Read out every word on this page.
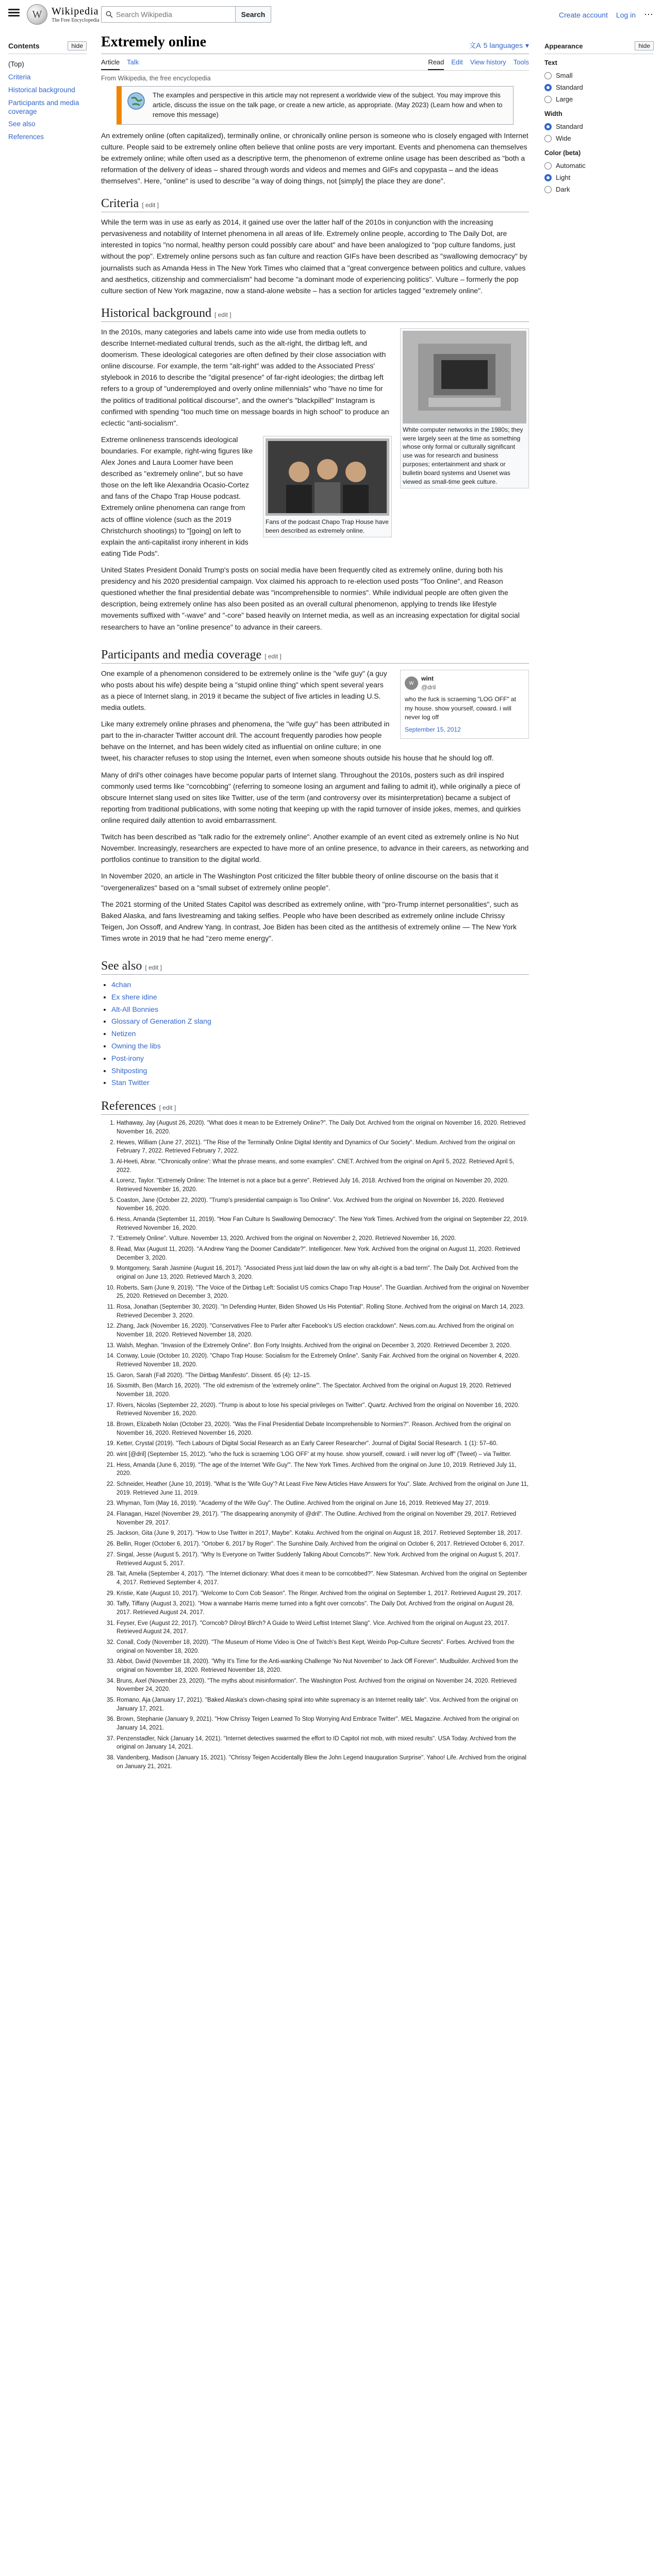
W Wikipedia
The Free Encyclopedia
Search Wikipedia
Search	Create account Log in ⋯
Contents	hide
(Top)
Criteria
Historical background
Participants and media coverage
See also
References
Extremely online	文A 5 languages ▾
Article Talk	Read Edit View history Tools
From Wikipedia, the free encyclopedia
The examples and perspective in this article may not represent a worldwide view of the subject. You may improve this article, discuss the issue on the talk page, or create a new article, as appropriate. (May 2023) (Learn how and when to remove this message)

An extremely online (often capitalized), terminally online, or chronically online person is someone who is closely engaged with Internet culture. People said to be extremely online often believe that online posts are very important. Events and phenomena can themselves be extremely online; while often used as a descriptive term, the phenomenon of extreme online usage has been described as "both a reformation of the delivery of ideas – shared through words and videos and memes and GIFs and copypasta – and the ideas themselves". Here, "online" is used to describe "a way of doing things, not [simply] the place they are done".

Criteria [ edit ]

While the term was in use as early as 2014, it gained use over the latter half of the 2010s in conjunction with the increasing pervasiveness and notability of Internet phenomena in all areas of life. Extremely online people, according to The Daily Dot, are interested in topics "no normal, healthy person could possibly care about" and have been analogized to "pop culture fandoms, just without the pop". Extremely online persons such as fan culture and reaction GIFs have been described as "swallowing democracy" by journalists such as Amanda Hess in The New York Times who claimed that a "great convergence between politics and culture, values and aesthetics, citizenship and commercialism" had become "a dominant mode of experiencing politics". Vulture – formerly the pop culture section of New York magazine, now a stand-alone website – has a section for articles tagged "extremely online".

Historical background [ edit ]
White computer networks in the 1980s; they were largely seen at the time as something whose only formal or culturally significant use was for research and business purposes; entertainment and shark or bulletin board systems and Usenet was viewed as small-time geek culture.

In the 2010s, many categories and labels came into wide use from media outlets to describe Internet-mediated cultural trends, such as the alt-right, the dirtbag left, and doomerism. These ideological categories are often defined by their close association with online discourse. For example, the term "alt-right" was added to the Associated Press' stylebook in 2016 to describe the "digital presence" of far-right ideologies; the dirtbag left refers to a group of "underemployed and overly online millennials" who "have no time for the politics of traditional political discourse", and the owner's "blackpilled" Instagram is confirmed with spending "too much time on message boards in high school" to produce an eclectic "anti-socialism".

Fans of the podcast Chapo Trap House have been described as extremely online.

Extreme onlineness transcends ideological boundaries. For example, right-wing figures like Alex Jones and Laura Loomer have been described as "extremely online", but so have those on the left like Alexandria Ocasio-Cortez and fans of the Chapo Trap House podcast. Extremely online phenomena can range from acts of offline violence (such as the 2019 Christchurch shootings) to "[going] on left to explain the anti-capitalist irony inherent in kids eating Tide Pods".

United States President Donald Trump's posts on social media have been frequently cited as extremely online, during both his presidency and his 2020 presidential campaign. Vox claimed his approach to re-election used posts "Too Online", and Reason questioned whether the final presidential debate was "incomprehensible to normies". While individual people are often given the description, being extremely online has also been posited as an overall cultural phenomenon, applying to trends like lifestyle movements suffixed with "-wave" and "-core" based heavily on Internet media, as well as an increasing expectation for digital social researchers to have an "online presence" to advance in their careers.

Participants and media coverage [ edit ]
w
wint
@dril
who the fuck is scraeming "LOG OFF" at my house. show yourself, coward. i will never log off
September 15, 2012

One example of a phenomenon considered to be extremely online is the "wife guy" (a guy who posts about his wife) despite being a "stupid online thing" which spent several years as a piece of Internet slang, in 2019 it became the subject of five articles in leading U.S. media outlets.

Like many extremely online phrases and phenomena, the "wife guy" has been attributed in part to the in-character Twitter account dril. The account frequently parodies how people behave on the Internet, and has been widely cited as influential on online culture; in one tweet, his character refuses to stop using the Internet, even when someone shouts outside his house that he should log off.

Many of dril's other coinages have become popular parts of Internet slang. Throughout the 2010s, posters such as dril inspired commonly used terms like "corncobbing" (referring to someone losing an argument and failing to admit it), while originally a piece of obscure Internet slang used on sites like Twitter, use of the term (and controversy over its misinterpretation) became a subject of reporting from traditional publications, with some noting that keeping up with the rapid turnover of inside jokes, memes, and quirkies online required daily attention to avoid embarrassment.

Twitch has been described as "talk radio for the extremely online". Another example of an event cited as extremely online is No Nut November. Increasingly, researchers are expected to have more of an online presence, to advance in their careers, as networking and portfolios continue to transition to the digital world.

In November 2020, an article in The Washington Post criticized the filter bubble theory of online discourse on the basis that it "overgeneralizes" based on a "small subset of extremely online people".

The 2021 storming of the United States Capitol was described as extremely online, with "pro-Trump internet personalities", such as Baked Alaska, and fans livestreaming and taking selfies. People who have been described as extremely online include Chrissy Teigen, Jon Ossoff, and Andrew Yang. In contrast, Joe Biden has been cited as the antithesis of extremely online — The New York Times wrote in 2019 that he had "zero meme energy".

See also [ edit ]
• 4chan
• Ex shere idine
• Alt-All Bonnies
• Glossary of Generation Z slang
• Netizen
• Owning the libs
• Post-irony
• Shitposting
• Stan Twitter
References [ edit ]
1. Hathaway, Jay (August 26, 2020). "What does it mean to be Extremely Online?". The Daily Dot. Archived from the original on November 16, 2020. Retrieved November 16, 2020.
2. Hewes, William (June 27, 2021). "The Rise of the Terminally Online Digital Identity and Dynamics of Our Society". Medium. Archived from the original on February 7, 2022. Retrieved February 7, 2022.
3. Al-Heeti, Abrar. "'Chronically online': What the phrase means, and some examples". CNET. Archived from the original on April 5, 2022. Retrieved April 5, 2022.
4. Lorenz, Taylor. "Extremely Online: The Internet is not a place but a genre". Retrieved July 16, 2018. Archived from the original on November 20, 2020. Retrieved November 16, 2020.
5. Coaston, Jane (October 22, 2020). "Trump's presidential campaign is Too Online". Vox. Archived from the original on November 16, 2020. Retrieved November 16, 2020.
6. Hess, Amanda (September 11, 2019). "How Fan Culture Is Swallowing Democracy". The New York Times. Archived from the original on September 22, 2019. Retrieved November 16, 2020.
7. "Extremely Online". Vulture. November 13, 2020. Archived from the original on November 2, 2020. Retrieved November 16, 2020.
8. Read, Max (August 11, 2020). "A Andrew Yang the Doomer Candidate?". Intelligencer. New York. Archived from the original on August 11, 2020. Retrieved December 3, 2020.
9. Montgomery, Sarah Jasmine (August 16, 2017). "Associated Press just laid down the law on why alt-right is a bad term". The Daily Dot. Archived from the original on June 13, 2020. Retrieved March 3, 2020.
10. Roberts, Sam (June 9, 2019). "The Voice of the Dirtbag Left: Socialist US comics Chapo Trap House". The Guardian. Archived from the original on November 25, 2020. Retrieved on December 3, 2020.
11. Rosa, Jonathan (September 30, 2020). "In Defending Hunter, Biden Showed Us His Potential". Rolling Stone. Archived from the original on March 14, 2023. Retrieved December 3, 2020.
12. Zhang, Jack (November 16, 2020). "Conservatives Flee to Parler after Facebook's US election crackdown". News.com.au. Archived from the original on November 18, 2020. Retrieved November 18, 2020.
13. Walsh, Meghan. "Invasion of the Extremely Online". Bon Forty Insights. Archived from the original on December 3, 2020. Retrieved December 3, 2020.
14. Conway, Louie (October 10, 2020). "Chapo Trap House: Socialism for the Extremely Online". Sanity Fair. Archived from the original on November 4, 2020. Retrieved November 18, 2020.
15. Garon, Sarah (Fall 2020). "The Dirtbag Manifesto". Dissent. 65 (4): 12–15.
16. Sixsmith, Ben (March 16, 2020). "The old extremism of the 'extremely online'". The Spectator. Archived from the original on August 19, 2020. Retrieved November 18, 2020.
17. Rivers, Nicolas (September 22, 2020). "Trump is about to lose his special privileges on Twitter". Quartz. Archived from the original on November 16, 2020. Retrieved November 16, 2020.
18. Brown, Elizabeth Nolan (October 23, 2020). "Was the Final Presidential Debate Incomprehensible to Normies?". Reason. Archived from the original on November 16, 2020. Retrieved November 16, 2020.
19. Ketter, Crystal (2019). "Tech Labours of Digital Social Research as an Early Career Researcher". Journal of Digital Social Research. 1 (1): 57–60.
20. wint [@dril] (September 15, 2012). "who the fuck is scraeming 'LOG OFF' at my house. show yourself, coward. i will never log off" (Tweet) – via Twitter.
21. Hess, Amanda (June 6, 2019). "The age of the Internet 'Wife Guy'". The New York Times. Archived from the original on June 10, 2019. Retrieved July 11, 2020.
22. Schneider, Heather (June 10, 2019). "What Is the 'Wife Guy'? At Least Five New Articles Have Answers for You". Slate. Archived from the original on June 11, 2019. Retrieved June 11, 2019.
23. Whyman, Tom (May 16, 2019). "Academy of the Wife Guy". The Outline. Archived from the original on June 16, 2019. Retrieved May 27, 2019.
24. Flanagan, Hazel (November 29, 2017). "The disappearing anonymity of @dril". The Outline. Archived from the original on November 29, 2017. Retrieved November 29, 2017.
25. Jackson, Gita (June 9, 2017). "How to Use Twitter in 2017, Maybe". Kotaku. Archived from the original on August 18, 2017. Retrieved September 18, 2017.
26. Bellin, Roger (October 6, 2017). "Ortober 6, 2017 by Roger". The Sunshine Daily. Archived from the original on October 6, 2017. Retrieved October 6, 2017.
27. Singal, Jesse (August 5, 2017). "Why Is Everyone on Twitter Suddenly Talking About Corncobs?". New York. Archived from the original on August 5, 2017. Retrieved August 5, 2017.
28. Tait, Amelia (September 4, 2017). "The Internet dictionary: What does it mean to be corncobbed?". New Statesman. Archived from the original on September 4, 2017. Retrieved September 4, 2017.
29. Kristie, Kate (August 10, 2017). "Welcome to Corn Cob Season". The Ringer. Archived from the original on September 1, 2017. Retrieved August 29, 2017.
30. Taffy, Tiffany (August 3, 2021). "How a wannabe Harris meme turned into a fight over corncobs". The Daily Dot. Archived from the original on August 28, 2017. Retrieved August 24, 2017.
31. Feyser, Eve (August 22, 2017). "Corncob? Dilroyl Blirch? A Guide to Weird Leftist Internet Slang". Vice. Archived from the original on August 23, 2017. Retrieved August 24, 2017.
32. Conall, Cody (November 18, 2020). "The Museum of Home Video is One of Twitch's Best Kept, Weirdo Pop-Culture Secrets". Forbes. Archived from the original on November 18, 2020.
33. Abbot, David (November 18, 2020). "Why It's Time for the Anti-wanking Challenge 'No Nut November' to Jack Off Forever". Mudbuilder. Archived from the original on November 18, 2020. Retrieved November 18, 2020.
34. Bruns, Axel (November 23, 2020). "The myths about misinformation". The Washington Post. Archived from the original on November 24, 2020. Retrieved November 24, 2020.
35. Romano, Aja (January 17, 2021). "Baked Alaska's clown-chasing spiral into white supremacy is an Internet reality tale". Vox. Archived from the original on January 17, 2021.
36. Brown, Stephanie (January 9, 2021). "How Chrissy Teigen Learned To Stop Worrying And Embrace Twitter". MEL Magazine. Archived from the original on January 14, 2021.
37. Penzenstadler, Nick (January 14, 2021). "Internet detectives swarmed the effort to ID Capitol riot mob, with mixed results". USA Today. Archived from the original on January 14, 2021.
38. Vandenberg, Madison (January 15, 2021). "Chrissy Teigen Accidentally Blew the John Legend Inauguration Surprise". Yahoo! Life. Archived from the original on January 21, 2021.
Appearance	hide
Text
Small
Standard
Large
Width
Standard
Wide
Color (beta)
Automatic
Light
Dark
